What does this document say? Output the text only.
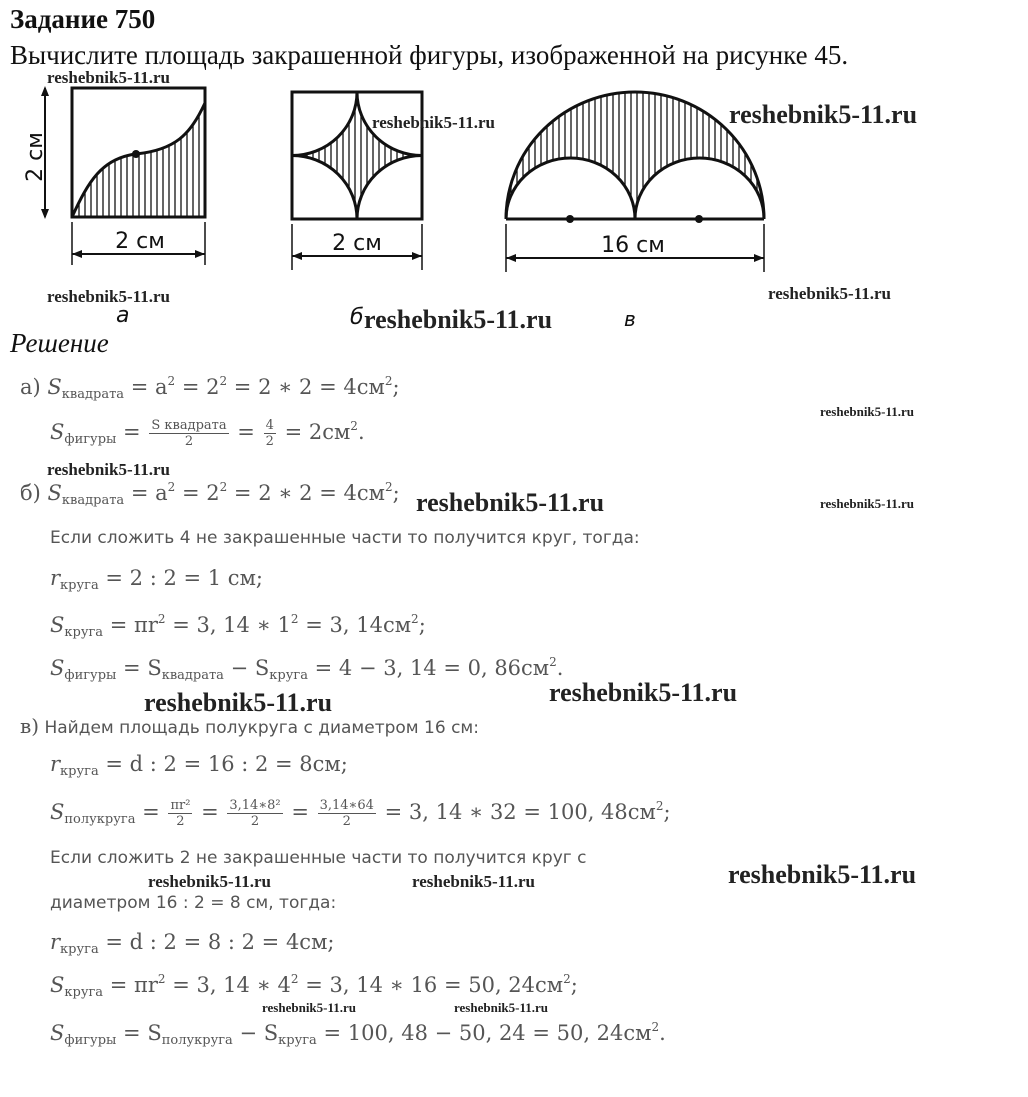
Задание 750
Вычислите площадь закрашенной фигуры, изображенной на рисунке 45.
2 см
2 см
а
2 см
б
16 см
в
reshebnik5-11.ru
reshebnik5-11.ru	reshebnik5-11.ru
reshebnik5-11.ru
reshebnik5-11.ru
reshebnik5-11.ru
Решение
а) $S_{квадрата} = a^2 = 2^2 = 2$ ∗ $2 = 4см^2$;
$S_{фигуры} = \frac{\text{S квадрата}}{2} = \frac{4}{2} = 2см^2$.
б) $S_{квадрата} = a^2 = 2^2 = 2$ ∗ $2 = 4см^2$;
Если сложить 4 не закрашенные части то получится круг, тогда:
$r_{круга} = 2$ : 2 = 1 см;
$S_{круга} = \pi r^2 = 3$, 14 ∗ $1^2 = 3$, $14см^2$;
$S_{фигуры} = S_{квадрата} - S_{круга} = 4 - 3$, 14 = 0, $86см^2$.
в) Найдем площадь полукруга с диаметром 16 см:
$r_{круга} = d$ : 2 = 16 : 2 = 8см;
$S_{полукруга} = \frac{\text{πr²}}{2} = \frac{\text{3,14∗8²}}{2} = \frac{3,14∗64}{2} = 3$, 14 ∗ 32 = 100, $48см^2$;
Если сложить 2 не закрашенные части то получится круг с
диаметром 16 : 2 = 8 см, тогда:
$r_{круга} = d$ : 2 = 8 : 2 = 4см;
$S_{круга} = \pi r^2 = 3$, 14 ∗ $4^2 = 3$, 14 ∗ 16 = 50, $24см^2$;
$S_{фигуры} = S_{полукруга} - S_{круга} = 100$, 48 − 50, 24 = 50, $24см^2$.
reshebnik5-11.ru
reshebnik5-11.ru
reshebnik5-11.ru	reshebnik5-11.ru
reshebnik5-11.ru	reshebnik5-11.ru
reshebnik5-11.ru	reshebnik5-11.ru	reshebnik5-11.ru
reshebnik5-11.ru	reshebnik5-11.ru
